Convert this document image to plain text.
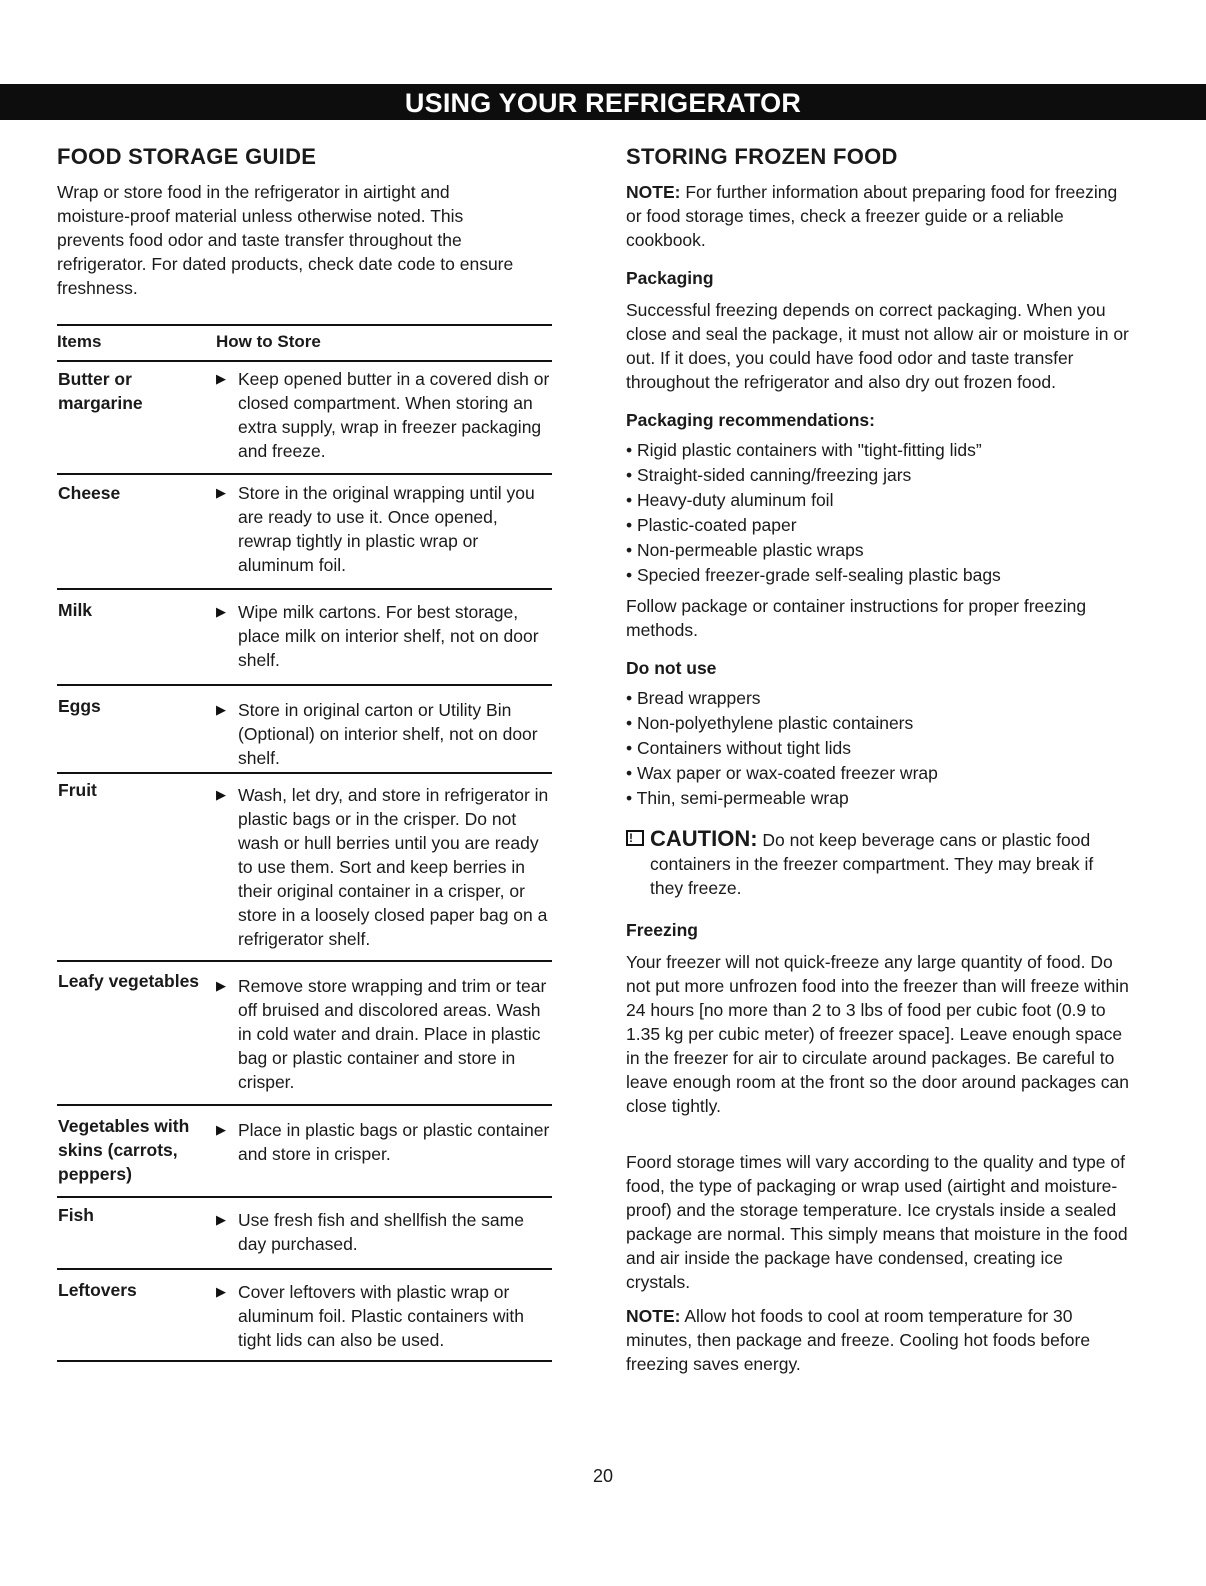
USING YOUR REFRIGERATOR
FOOD STORAGE GUIDE

Wrap or store food in the refrigerator in airtight and moisture-proof material unless otherwise noted. This prevents food odor and taste transfer throughout the refrigerator. For dated products, check date code to ensure freshness.

Items	How to Store
Butter or margarine	▶ Keep opened butter in a covered dish or closed compartment. When storing an extra supply, wrap in freezer packaging and freeze.

Cheese	▶ Store in the original wrapping until you are ready to use it. Once opened, rewrap tightly in plastic wrap or aluminum foil.

Milk	▶ Wipe milk cartons. For best storage, place milk on interior shelf, not on door shelf.

Eggs	▶ Store in original carton or Utility Bin (Optional) on interior shelf, not on door shelf.

Fruit	▶ Wash, let dry, and store in refrigerator in plastic bags or in the crisper. Do not wash or hull berries until you are ready to use them. Sort and keep berries in their original container in a crisper, or store in a loosely closed paper bag on a refrigerator shelf.

Leafy vegetables	▶ Remove store wrapping and trim or tear off bruised and discolored areas. Wash in cold water and drain. Place in plastic bag or plastic container and store in crisper.

Vegetables with skins (carrots, peppers)	▶ Place in plastic bags or plastic container and store in crisper.

Fish	▶ Use fresh fish and shellfish the same day purchased.

Leftovers	▶ Cover leftovers with plastic wrap or aluminum foil. Plastic containers with tight lids can also be used.
STORING FROZEN FOOD

NOTE: For further information about preparing food for freezing or food storage times, check a freezer guide or a reliable cookbook.

Packaging

Successful freezing depends on correct packaging. When you close and seal the package, it must not allow air or moisture in or out. If it does, you could have food odor and taste transfer throughout the refrigerator and also dry out frozen food.

Packaging recommendations:
• Rigid plastic containers with "tight-fitting lids”
• Straight-sided canning/freezing jars
• Heavy-duty aluminum foil
• Plastic-coated paper
• Non-permeable plastic wraps
• Specied freezer-grade self-sealing plastic bags

Follow package or container instructions for proper freezing methods.

Do not use
• Bread wrappers
• Non-polyethylene plastic containers
• Containers without tight lids
• Wax paper or wax-coated freezer wrap
• Thin, semi-permeable wrap
! CAUTION: Do not keep beverage cans or plastic food containers in the freezer compartment. They may break if they freeze.
Freezing

Your freezer will not quick-freeze any large quantity of food. Do not put more unfrozen food into the freezer than will freeze within 24 hours [no more than 2 to 3 lbs of food per cubic foot (0.9 to 1.35 kg per cubic meter) of freezer space]. Leave enough space in the freezer for air to circulate around packages. Be careful to leave enough room at the front so the door around packages can close tightly.

Foord storage times will vary according to the quality and type of food, the type of packaging or wrap used (airtight and moisture-proof) and the storage temperature. Ice crystals inside a sealed package are normal. This simply means that moisture in the food and air inside the package have condensed, creating ice crystals.

NOTE: Allow hot foods to cool at room temperature for 30 minutes, then package and freeze. Cooling hot foods before freezing saves energy.

20
